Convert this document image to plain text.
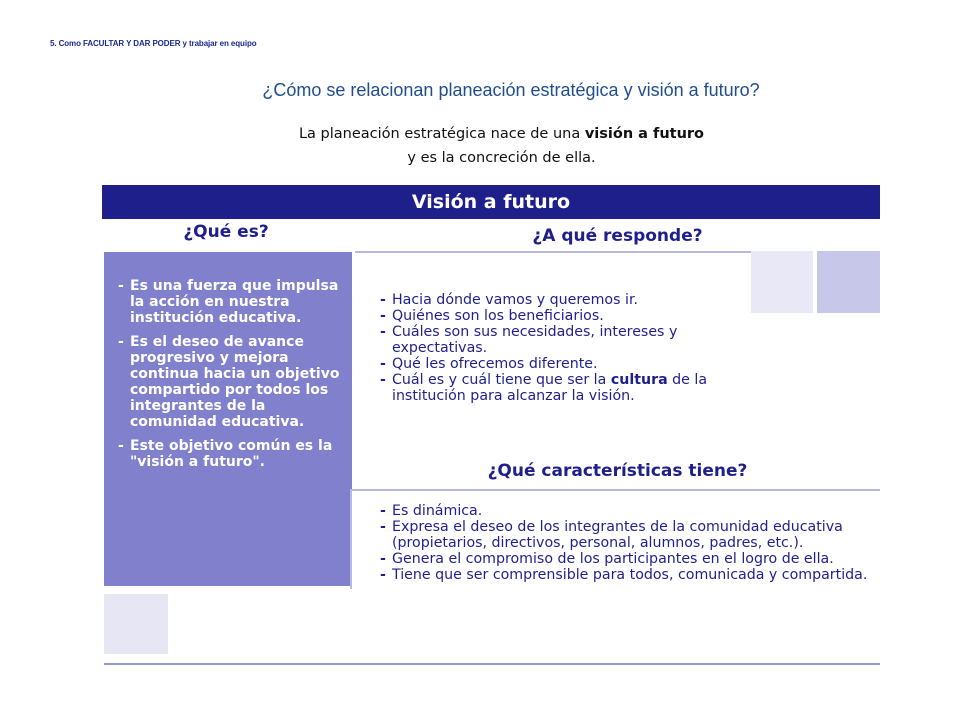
5. Como FACULTAR Y DAR PODER y trabajar en equipo
¿Cómo se relacionan planeación estratégica y visión a futuro?
La planeación estratégica nace de una visión a futuro
y es la concreción de ella.
Visión a futuro
¿Qué es?	¿A qué responde?
- Es una fuerza que impulsa la acción en nuestra institución educativa.
- Es el deseo de avance progresivo y mejora continua hacia un objetivo compartido por todos los integrantes de la comunidad educativa.
- Este objetivo común es la "visión a futuro".
- Hacia dónde vamos y queremos ir.
- Quiénes son los beneficiarios.
- Cuáles son sus necesidades, intereses y expectativas.
- Qué les ofrecemos diferente.
- Cuál es y cuál tiene que ser la cultura de la institución para alcanzar la visión.
¿Qué características tiene?
- Es dinámica.
- Expresa el deseo de los integrantes de la comunidad educativa (propietarios, directivos, personal, alumnos, padres, etc.).
- Genera el compromiso de los participantes en el logro de ella.
- Tiene que ser comprensible para todos, comunicada y compartida.
